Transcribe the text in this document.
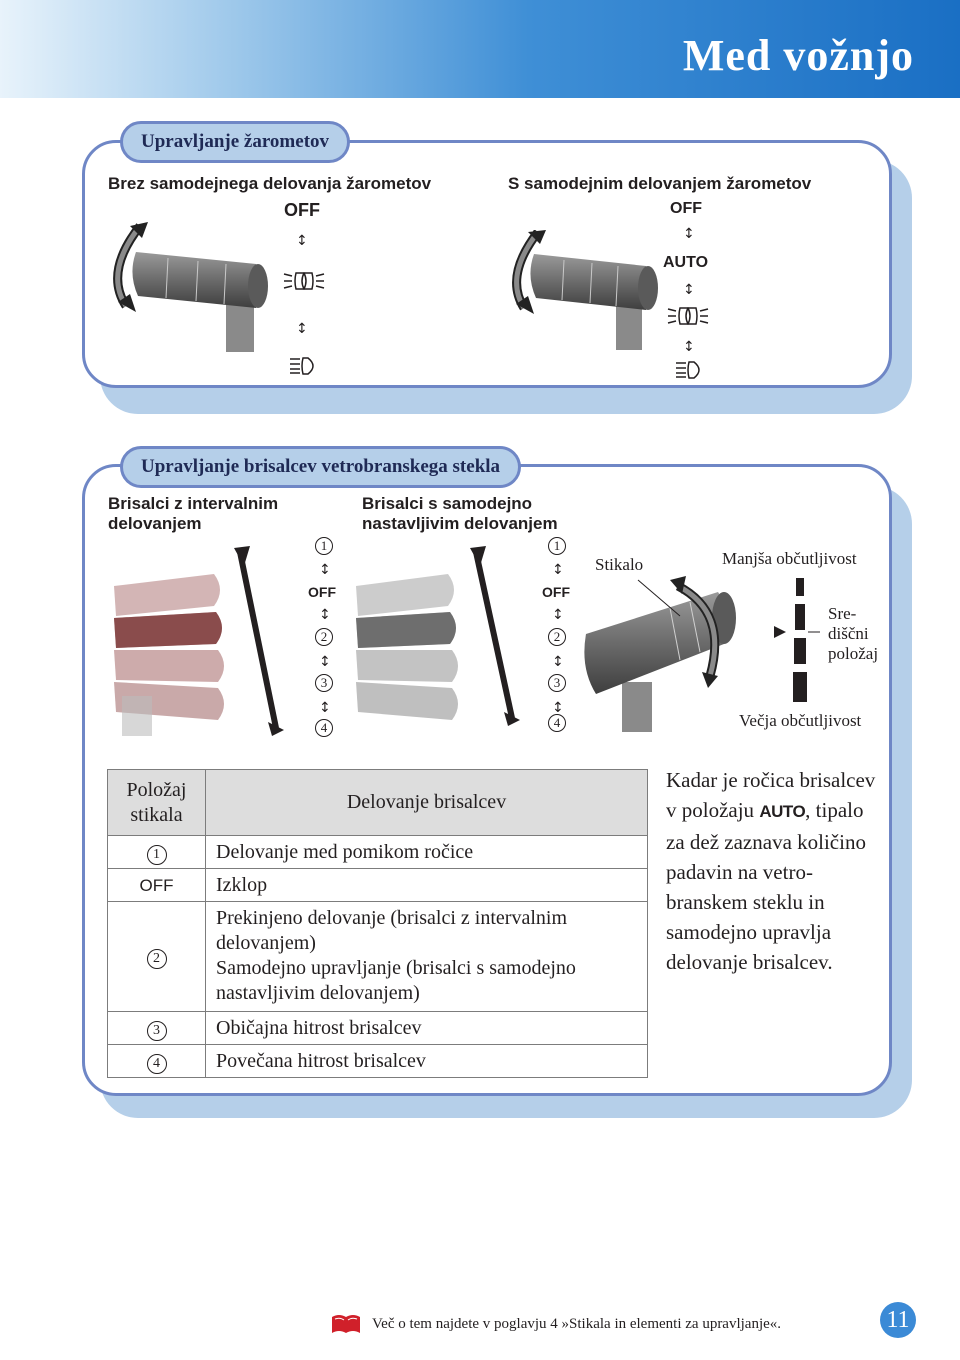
Med vožnjo
Upravljanje žarometov
Brez samodejnega delovanja žarometov	S samodejnim delovanjem žarometov
OFF
↕
↕
OFF
↕
AUTO
↕
↕
Upravljanje brisalcev vetrobranskega stekla
Brisalci z intervalnim
delovanjem
Brisalci s samodejno
nastavljivim delovanjem
1
↕
OFF
↕
2
↕
3
↕
4
1
↕
OFF
↕
2
↕
3
↕
4
Stikalo	Manjša občutljivost
Sre-
diščni
položaj
Večja občutljivost
Položaj
stikala	Delovanje brisalcev
1	Delovanje med pomikom ročice
OFF	Izklop
2	Prekinjeno delovanje (brisalci z intervalnim
delovanjem)
Samodejno upravljanje (brisalci s samodejno
nastavljivim delovanjem)

3	Običajna hitrost brisalcev
4	Povečana hitrost brisalcev
Kadar je ročica brisalcev v položaju AUTO, tipalo za dež zaznava količino padavin na vetro-branskem steklu in samodejno upravlja delovanje brisalcev.
Več o tem najdete v poglavju 4 »Stikala in elementi za upravljanje«.	11
